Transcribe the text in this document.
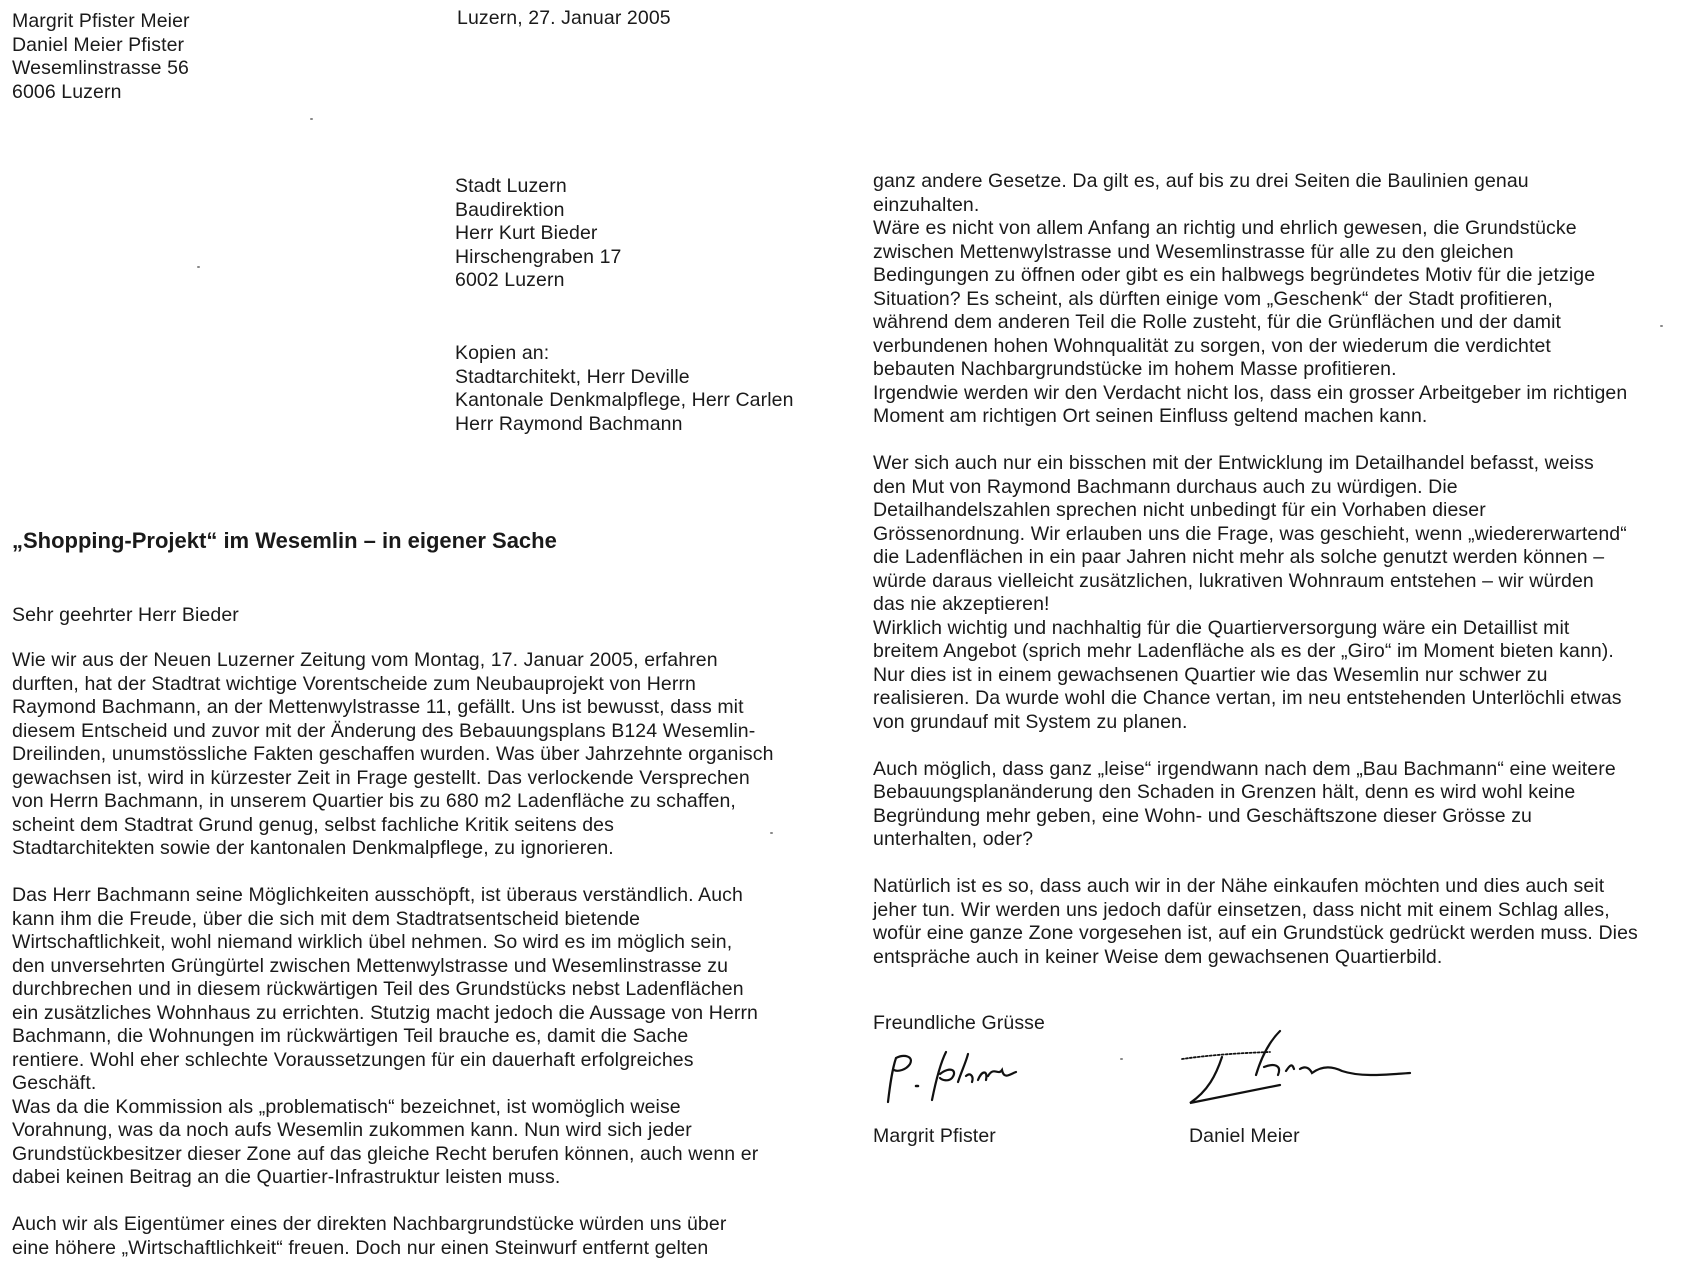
Margrit Pfister Meier
Daniel Meier Pfister
Wesemlinstrasse 56
6006 Luzern
Luzern, 27. Januar 2005
Stadt Luzern
Baudirektion
Herr Kurt Bieder
Hirschengraben 17
6002 Luzern
Kopien an:
Stadtarchitekt, Herr Deville
Kantonale Denkmalpflege, Herr Carlen
Herr Raymond Bachmann
„Shopping-Projekt“ im Wesemlin – in eigener Sache
Sehr geehrter Herr Bieder
Wie wir aus der Neuen Luzerner Zeitung vom Montag, 17. Januar 2005, erfahren
durften, hat der Stadtrat wichtige Vorentscheide zum Neubauprojekt von Herrn
Raymond Bachmann, an der Mettenwylstrasse 11, gefällt. Uns ist bewusst, dass mit
diesem Entscheid und zuvor mit der Änderung des Bebauungsplans B124 Wesemlin-
Dreilinden, unumstössliche Fakten geschaffen wurden. Was über Jahrzehnte organisch
gewachsen ist, wird in kürzester Zeit in Frage gestellt. Das verlockende Versprechen
von Herrn Bachmann, in unserem Quartier bis zu 680 m2 Ladenfläche zu schaffen,
scheint dem Stadtrat Grund genug, selbst fachliche Kritik seitens des
Stadtarchitekten sowie der kantonalen Denkmalpflege, zu ignorieren.
Das Herr Bachmann seine Möglichkeiten ausschöpft, ist überaus verständlich. Auch
kann ihm die Freude, über die sich mit dem Stadtratsentscheid bietende
Wirtschaftlichkeit, wohl niemand wirklich übel nehmen. So wird es im möglich sein,
den unversehrten Grüngürtel zwischen Mettenwylstrasse und Wesemlinstrasse zu
durchbrechen und in diesem rückwärtigen Teil des Grundstücks nebst Ladenflächen
ein zusätzliches Wohnhaus zu errichten. Stutzig macht jedoch die Aussage von Herrn
Bachmann, die Wohnungen im rückwärtigen Teil brauche es, damit die Sache
rentiere. Wohl eher schlechte Voraussetzungen für ein dauerhaft erfolgreiches
Geschäft.
Was da die Kommission als „problematisch“ bezeichnet, ist womöglich weise
Vorahnung, was da noch aufs Wesemlin zukommen kann. Nun wird sich jeder
Grundstückbesitzer dieser Zone auf das gleiche Recht berufen können, auch wenn er
dabei keinen Beitrag an die Quartier-Infrastruktur leisten muss.
Auch wir als Eigentümer eines der direkten Nachbargrundstücke würden uns über
eine höhere „Wirtschaftlichkeit“ freuen. Doch nur einen Steinwurf entfernt gelten
ganz andere Gesetze. Da gilt es, auf bis zu drei Seiten die Baulinien genau
einzuhalten.
Wäre es nicht von allem Anfang an richtig und ehrlich gewesen, die Grundstücke
zwischen Mettenwylstrasse und Wesemlinstrasse für alle zu den gleichen
Bedingungen zu öffnen oder gibt es ein halbwegs begründetes Motiv für die jetzige
Situation? Es scheint, als dürften einige vom „Geschenk“ der Stadt profitieren,
während dem anderen Teil die Rolle zusteht, für die Grünflächen und der damit
verbundenen hohen Wohnqualität zu sorgen, von der wiederum die verdichtet
bebauten Nachbargrundstücke im hohem Masse profitieren.
Irgendwie werden wir den Verdacht nicht los, dass ein grosser Arbeitgeber im richtigen
Moment am richtigen Ort seinen Einfluss geltend machen kann.
Wer sich auch nur ein bisschen mit der Entwicklung im Detailhandel befasst, weiss
den Mut von Raymond Bachmann durchaus auch zu würdigen. Die
Detailhandelszahlen sprechen nicht unbedingt für ein Vorhaben dieser
Grössenordnung. Wir erlauben uns die Frage, was geschieht, wenn „wiedererwartend“
die Ladenflächen in ein paar Jahren nicht mehr als solche genutzt werden können –
würde daraus vielleicht zusätzlichen, lukrativen Wohnraum entstehen – wir würden
das nie akzeptieren!
Wirklich wichtig und nachhaltig für die Quartierversorgung wäre ein Detaillist mit
breitem Angebot (sprich mehr Ladenfläche als es der „Giro“ im Moment bieten kann).
Nur dies ist in einem gewachsenen Quartier wie das Wesemlin nur schwer zu
realisieren. Da wurde wohl die Chance vertan, im neu entstehenden Unterlöchli etwas
von grundauf mit System zu planen.
Auch möglich, dass ganz „leise“ irgendwann nach dem „Bau Bachmann“ eine weitere
Bebauungsplanänderung den Schaden in Grenzen hält, denn es wird wohl keine
Begründung mehr geben, eine Wohn- und Geschäftszone dieser Grösse zu
unterhalten, oder?
Natürlich ist es so, dass auch wir in der Nähe einkaufen möchten und dies auch seit
jeher tun. Wir werden uns jedoch dafür einsetzen, dass nicht mit einem Schlag alles,
wofür eine ganze Zone vorgesehen ist, auf ein Grundstück gedrückt werden muss. Dies
entspräche auch in keiner Weise dem gewachsenen Quartierbild.
Freundliche Grüsse
Margrit Pfister	Daniel Meier
